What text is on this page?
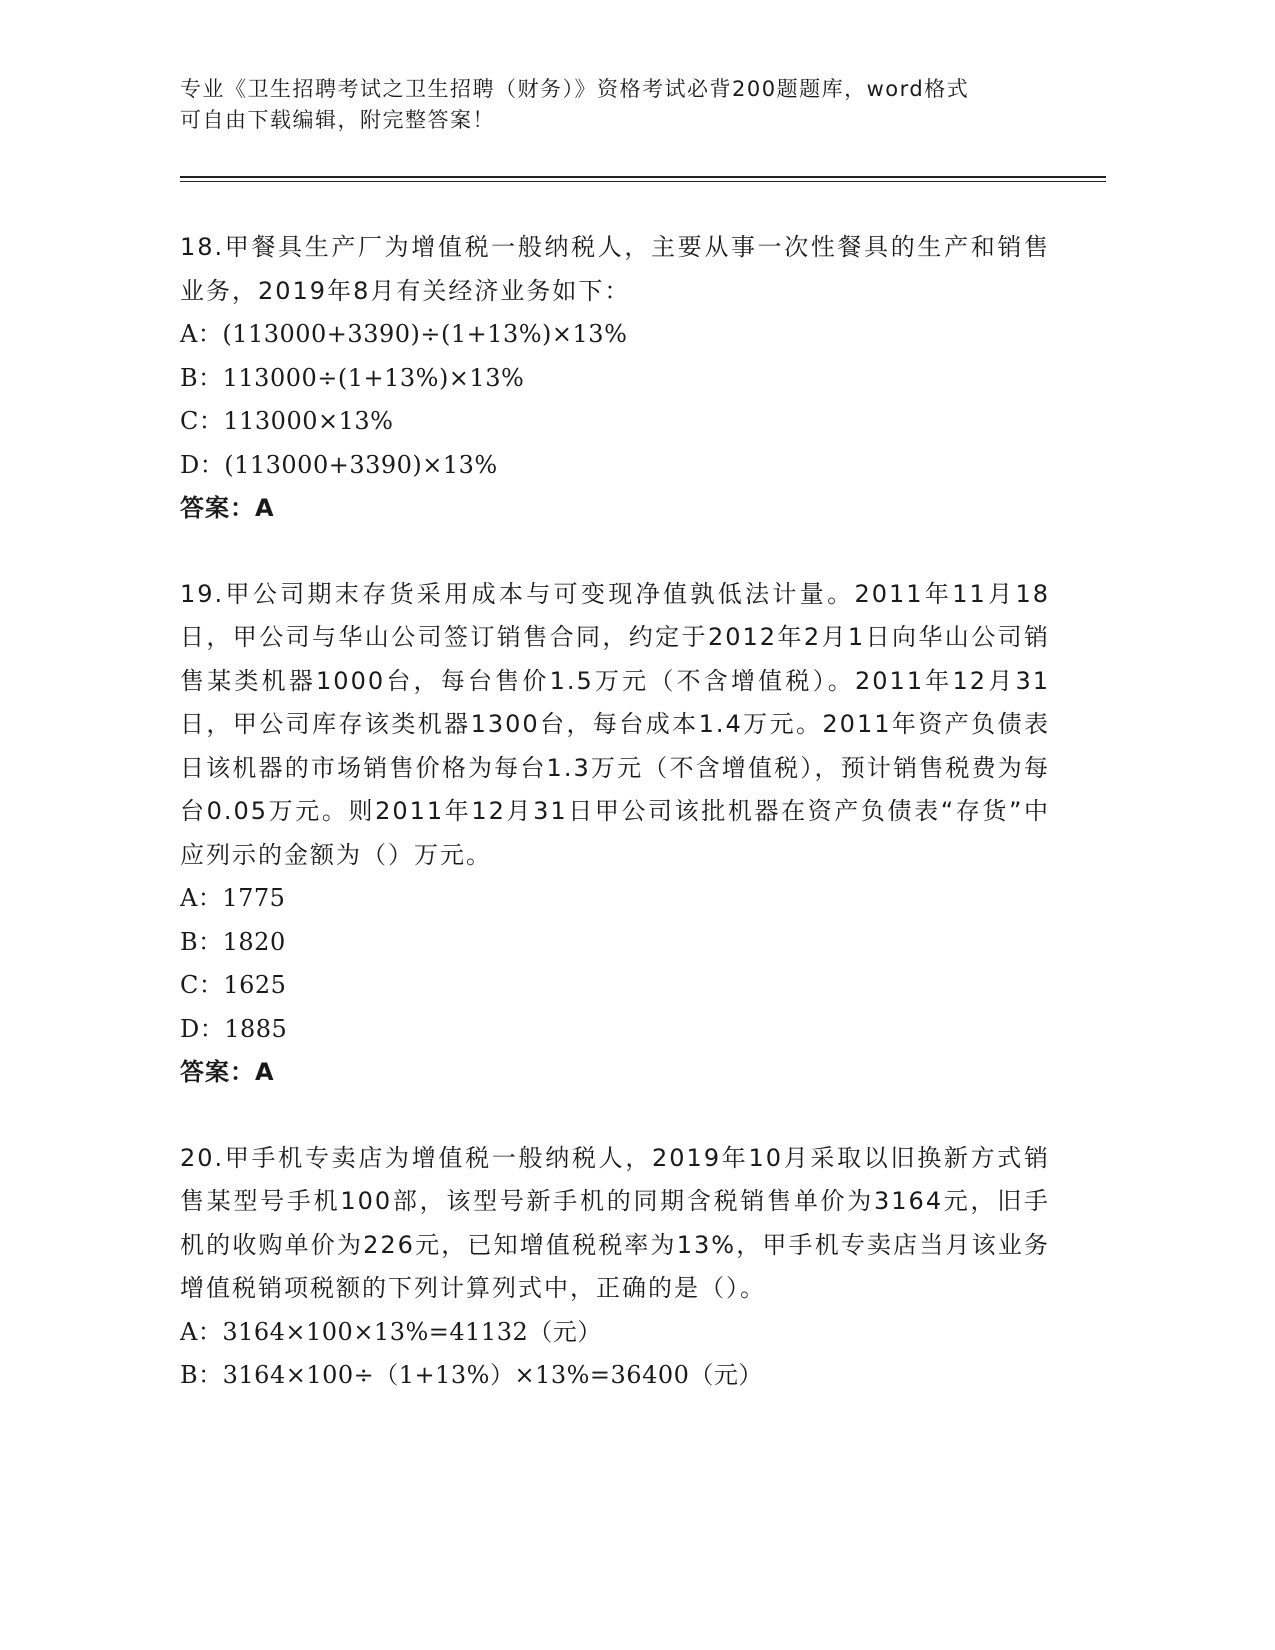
专业《卫生招聘考试之卫生招聘（财务）》资格考试必背200题题库，word格式
可自由下载编辑，附完整答案！

18.甲餐具生产厂为增值税一般纳税人，主要从事一次性餐具的生产和销售业务，2019年8月有关经济业务如下：

A：(113000+3390)÷(1+13%)×13%

B：113000÷(1+13%)×13%

C：113000×13%

D：(113000+3390)×13%

答案：A

19.甲公司期末存货采用成本与可变现净值孰低法计量。2011年11月18日，甲公司与华山公司签订销售合同，约定于2012年2月1日向华山公司销售某类机器1000台，每台售价1.5万元（不含增值税）。2011年12月31日，甲公司库存该类机器1300台，每台成本1.4万元。2011年资产负债表日该机器的市场销售价格为每台1.3万元（不含增值税），预计销售税费为每台0.05万元。则2011年12月31日甲公司该批机器在资产负债表“存货”中应列示的金额为（）万元。

A：1775

B：1820

C：1625

D：1885

答案：A

20.甲手机专卖店为增值税一般纳税人，2019年10月采取以旧换新方式销售某型号手机100部，该型号新手机的同期含税销售单价为3164元，旧手机的收购单价为226元，已知增值税税率为13%，甲手机专卖店当月该业务增值税销项税额的下列计算列式中，正确的是（）。

A：3164×100×13%=41132（元）

B：3164×100÷（1+13%）×13%=36400（元）
